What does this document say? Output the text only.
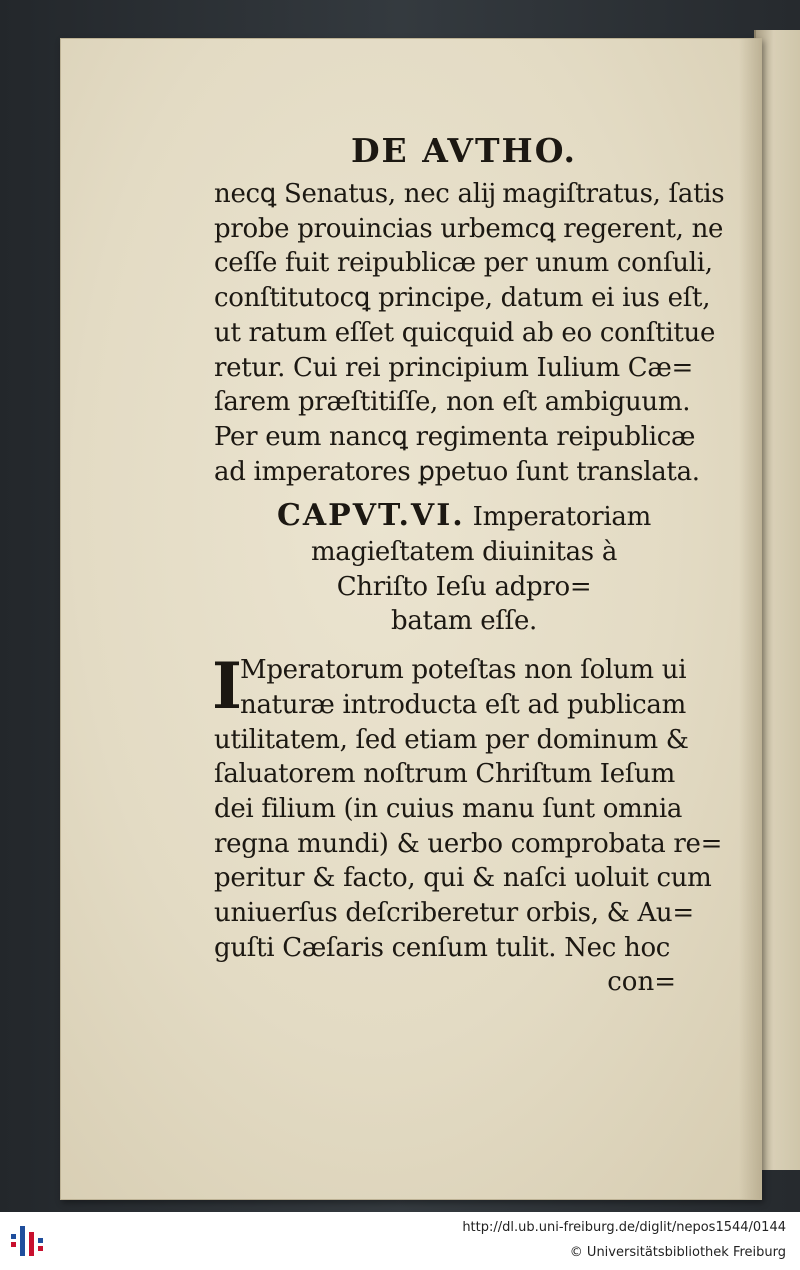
DE AVTHO.
necꝗ Senatus, nec alĳ magiſtratus, ſatis
probe prouincias urbemcꝗ regerent, ne
ceſſe fuit reipublicæ per unum conſuli,
conſtitutocꝗ principe, datum ei ius eſt,
ut ratum eſſet quicquid ab eo conſtitue
retur. Cui rei principium Iulium Cæ=
ſarem præſtitiſſe, non eſt ambiguum.
Per eum nancꝗ regimenta reipublicæ
ad imperatores ꝑpetuo ſunt translata.
CAPVT.VI. Imperatoriam
magieſtatem diuinitas à
Chriſto Ieſu adpro=
batam eſſe.
I
Mperatorum poteſtas non ſolum ui
naturæ introducta eſt ad publicam
utilitatem, ſed etiam per dominum &
ſaluatorem noſtrum Chriſtum Ieſum
dei filium (in cuius manu ſunt omnia
regna mundi) & uerbo comprobata re=
peritur & facto, qui & naſci uoluit cum
uniuerſus deſcriberetur orbis, & Au=
guſti Cæſaris cenſum tulit. Nec hoc
con=
http://dl.ub.uni-freiburg.de/diglit/nepos1544/0144
© Universitätsbibliothek Freiburg
